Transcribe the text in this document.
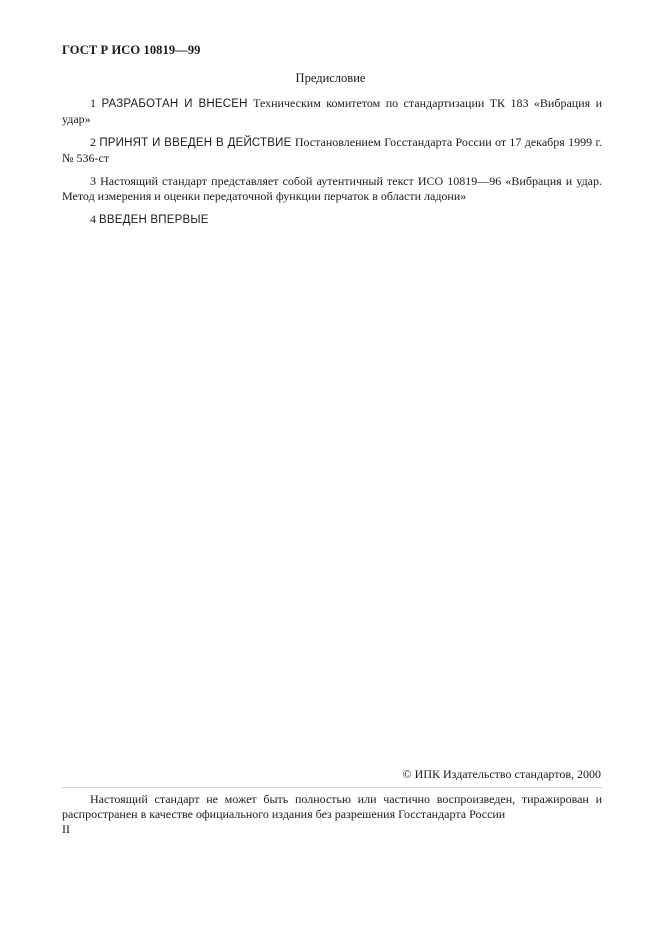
ГОСТ Р ИСО 10819—99
Предисловие

1 РАЗРАБОТАН И ВНЕСЕН Техническим комитетом по стандартизации ТК 183 «Вибрация и удар»

2 ПРИНЯТ И ВВЕДЕН В ДЕЙСТВИЕ Постановлением Госстандарта России от 17 декабря 1999 г. № 536-ст

3 Настоящий стандарт представляет собой аутентичный текст ИСО 10819—96 «Вибрация и удар. Метод измерения и оценки передаточной функции перчаток в области ладони»

4 ВВЕДЕН ВПЕРВЫЕ

© ИПК Издательство стандартов, 2000

Настоящий стандарт не может быть полностью или частично воспроизведен, тиражирован и распространен в качестве официального издания без разрешения Госстандарта России

II
